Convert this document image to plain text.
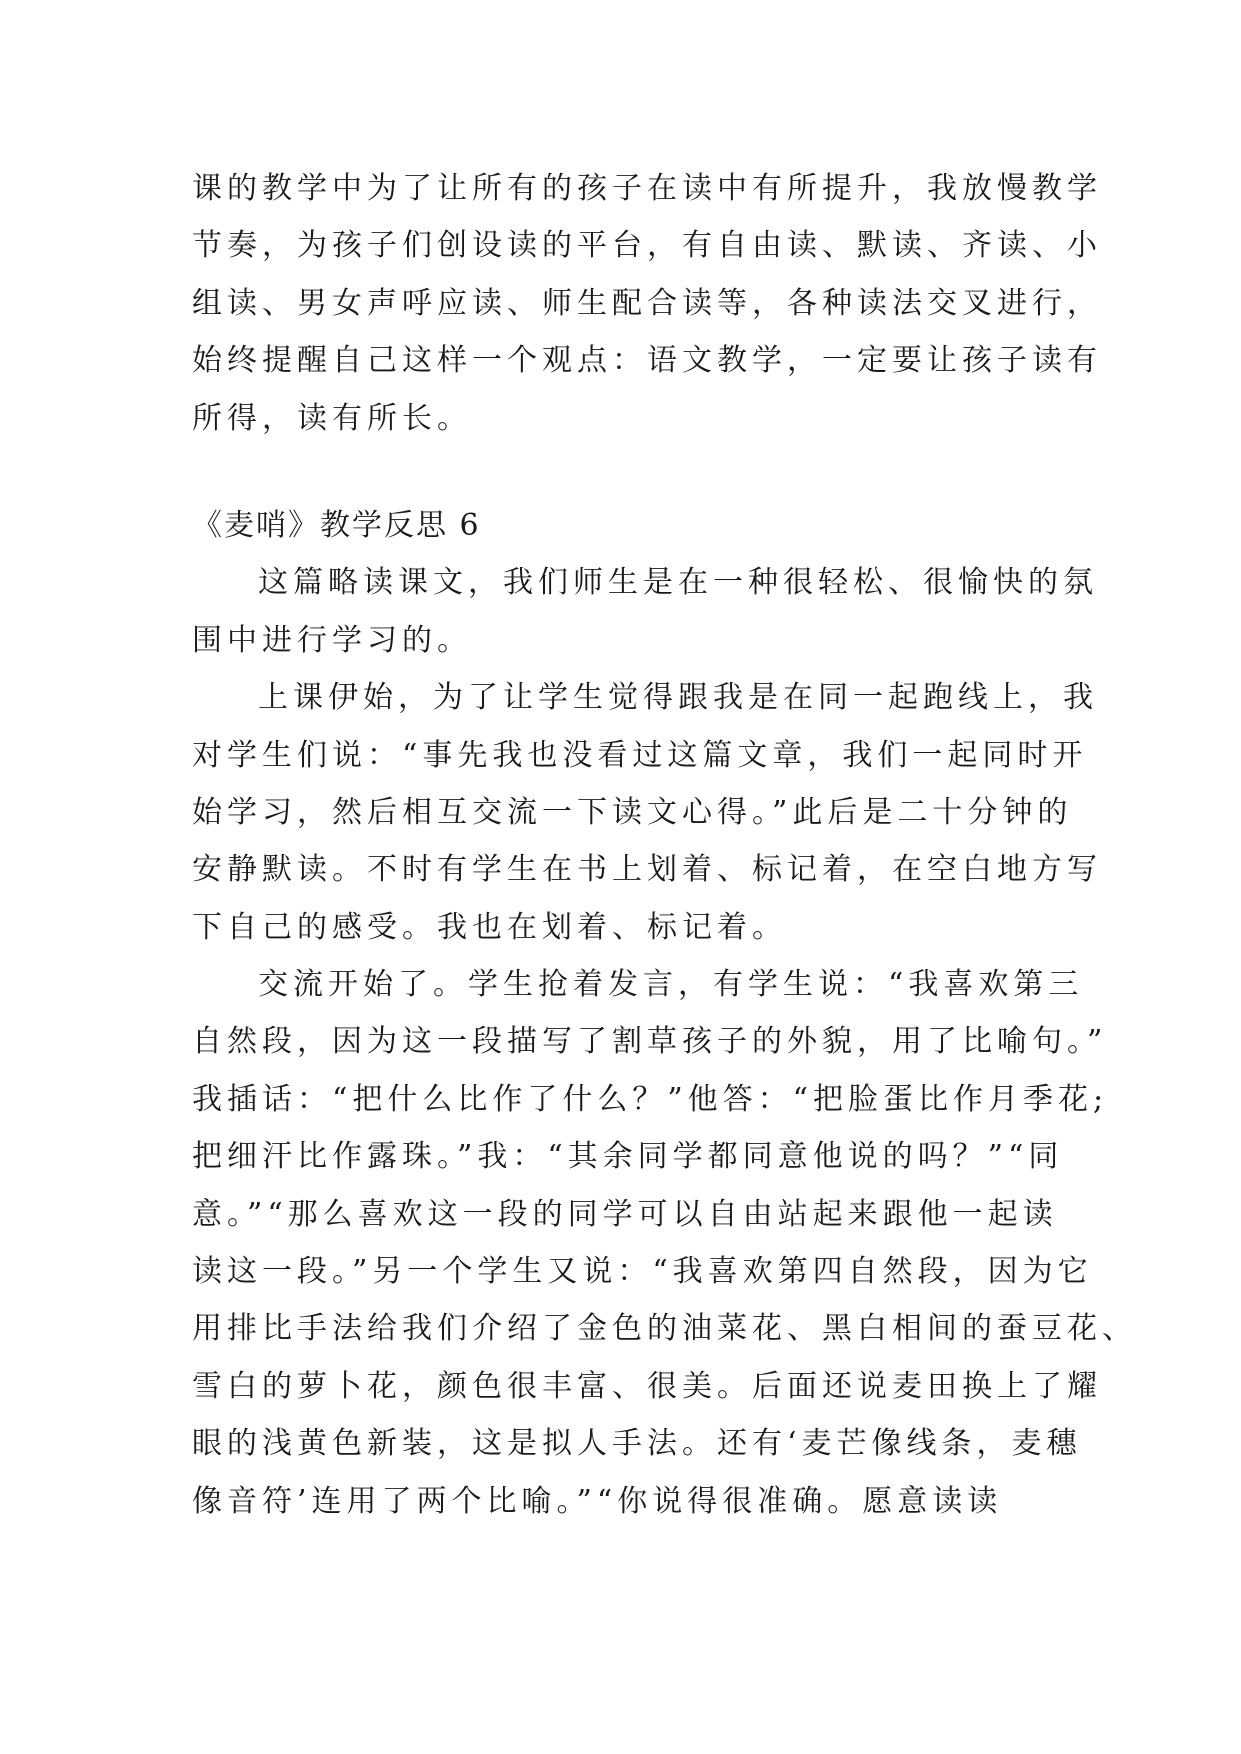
课的教学中为了让所有的孩子在读中有所提升，我放慢教学
节奏，为孩子们创设读的平台，有自由读、默读、齐读、小
组读、男女声呼应读、师生配合读等，各种读法交叉进行，
始终提醒自己这样一个观点：语文教学，一定要让孩子读有
所得，读有所长。
《麦哨》教学反思 6
这篇略读课文，我们师生是在一种很轻松、很愉快的氛
围中进行学习的。
上课伊始，为了让学生觉得跟我是在同一起跑线上，我
对学生们说：“事先我也没看过这篇文章，我们一起同时开
始学习，然后相互交流一下读文心得。”此后是二十分钟的
安静默读。不时有学生在书上划着、标记着，在空白地方写
下自己的感受。我也在划着、标记着。
交流开始了。学生抢着发言，有学生说：“我喜欢第三
自然段，因为这一段描写了割草孩子的外貌，用了比喻句。”
我插话：“把什么比作了什么？”他答：“把脸蛋比作月季花;
把细汗比作露珠。”我：“其余同学都同意他说的吗？”“同
意。”“那么喜欢这一段的同学可以自由站起来跟他一起读
读这一段。”另一个学生又说：“我喜欢第四自然段，因为它
用排比手法给我们介绍了金色的油菜花、黑白相间的蚕豆花、
雪白的萝卜花，颜色很丰富、很美。后面还说麦田换上了耀
眼的浅黄色新装，这是拟人手法。还有‘麦芒像线条，麦穗
像音符’连用了两个比喻。”“你说得很准确。愿意读读
